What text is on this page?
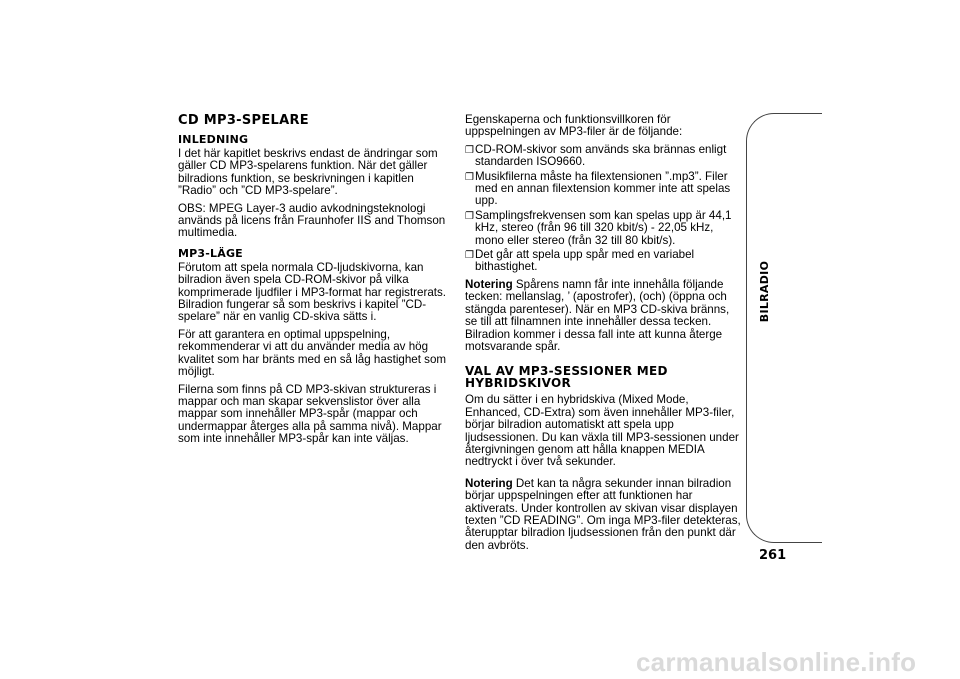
CD MP3-SPELARE
INLEDNING

I det här kapitlet beskrivs endast de ändringar som gäller CD MP3-spelarens funktion. När det gäller bilradions funktion, se beskrivningen i kapitlen ”Radio” och ”CD MP3-spelare”.

OBS: MPEG Layer-3 audio avkodningsteknologi används på licens från Fraunhofer IIS and Thomson multimedia.

MP3-LÄGE

Förutom att spela normala CD-ljudskivorna, kan bilradion även spela CD-ROM-skivor på vilka komprimerade ljudfiler i MP3-format har registrerats. Bilradion fungerar så som beskrivs i kapitel ”CD-spelare” när en vanlig CD-skiva sätts i.

För att garantera en optimal uppspelning, rekommenderar vi att du använder media av hög kvalitet som har bränts med en så låg hastighet som möjligt.

Filerna som finns på CD MP3-skivan struktureras i mappar och man skapar sekvenslistor över alla mappar som innehåller MP3-spår (mappar och undermappar återges alla på samma nivå). Mappar som inte innehåller MP3-spår kan inte väljas.

Egenskaperna och funktionsvillkoren för uppspelningen av MP3-filer är de följande:

❐ CD-ROM-skivor som används ska brännas enligt standarden ISO9660.
❐ Musikfilerna måste ha filextensionen ”.mp3”. Filer med en annan filextension kommer inte att spelas upp.
❐ Samplingsfrekvensen som kan spelas upp är 44,1 kHz, stereo (från 96 till 320 kbit/s) - 22,05 kHz, mono eller stereo (från 32 till 80 kbit/s).
❐ Det går att spela upp spår med en variabel bithastighet.

Notering Spårens namn får inte innehålla följande tecken: mellanslag, ’ (apostrofer), (och) (öppna och stängda parenteser). När en MP3 CD-skiva bränns, se till att filnamnen inte innehåller dessa tecken. Bilradion kommer i dessa fall inte att kunna återge motsvarande spår.

VAL AV MP3-SESSIONER MED HYBRIDSKIVOR

Om du sätter i en hybridskiva (Mixed Mode, Enhanced, CD-Extra) som även innehåller MP3-filer, börjar bilradion automatiskt att spela upp ljudsessionen. Du kan växla till MP3-sessionen under återgivningen genom att hålla knappen MEDIA nedtryckt i över två sekunder.

Notering Det kan ta några sekunder innan bilradion börjar uppspelningen efter att funktionen har aktiverats. Under kontrollen av skivan visar displayen texten ”CD READING”. Om inga MP3-filer detekteras, återupptar bilradion ljudsessionen från den punkt där den avbröts.

BILRADIO
261
carmanualsonline.info
